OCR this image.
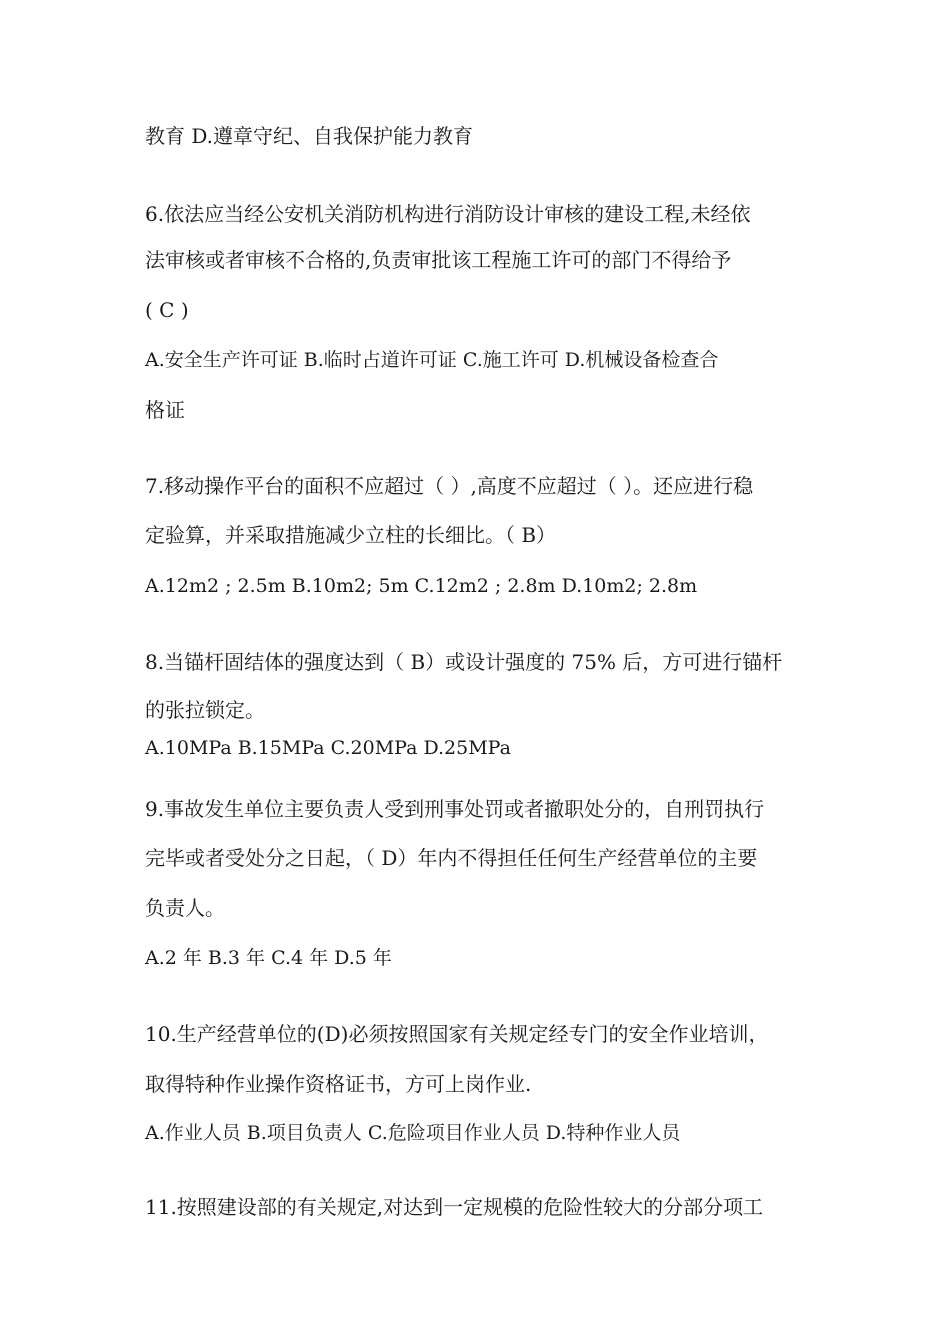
教育 D.遵章守纪、自我保护能力教育
6.依法应当经公安机关消防机构进行消防设计审核的建设工程,未经依
法审核或者审核不合格的,负责审批该工程施工许可的部门不得给予
( C )
A.安全生产许可证 B.临时占道许可证 C.施工许可 D.机械设备检查合
格证
7.移动操作平台的面积不应超过（ ）,高度不应超过（ ）。还应进行稳
定验算，并采取措施减少立柱的长细比。（ B）
A.12m2 ; 2.5m B.10m2; 5m C.12m2 ; 2.8m D.10m2; 2.8m
8.当锚杆固结体的强度达到（ B）或设计强度的 75% 后，方可进行锚杆
的张拉锁定。
A.10MPa B.15MPa C.20MPa D.25MPa
9.事故发生单位主要负责人受到刑事处罚或者撤职处分的，自刑罚执行
完毕或者受处分之日起，（ D）年内不得担任任何生产经营单位的主要
负责人。
A.2 年 B.3 年 C.4 年 D.5 年
10.生产经营单位的(D)必须按照国家有关规定经专门的安全作业培训，
取得特种作业操作资格证书，方可上岗作业.
A.作业人员 B.项目负责人 C.危险项目作业人员 D.特种作业人员
11.按照建设部的有关规定,对达到一定规模的危险性较大的分部分项工
